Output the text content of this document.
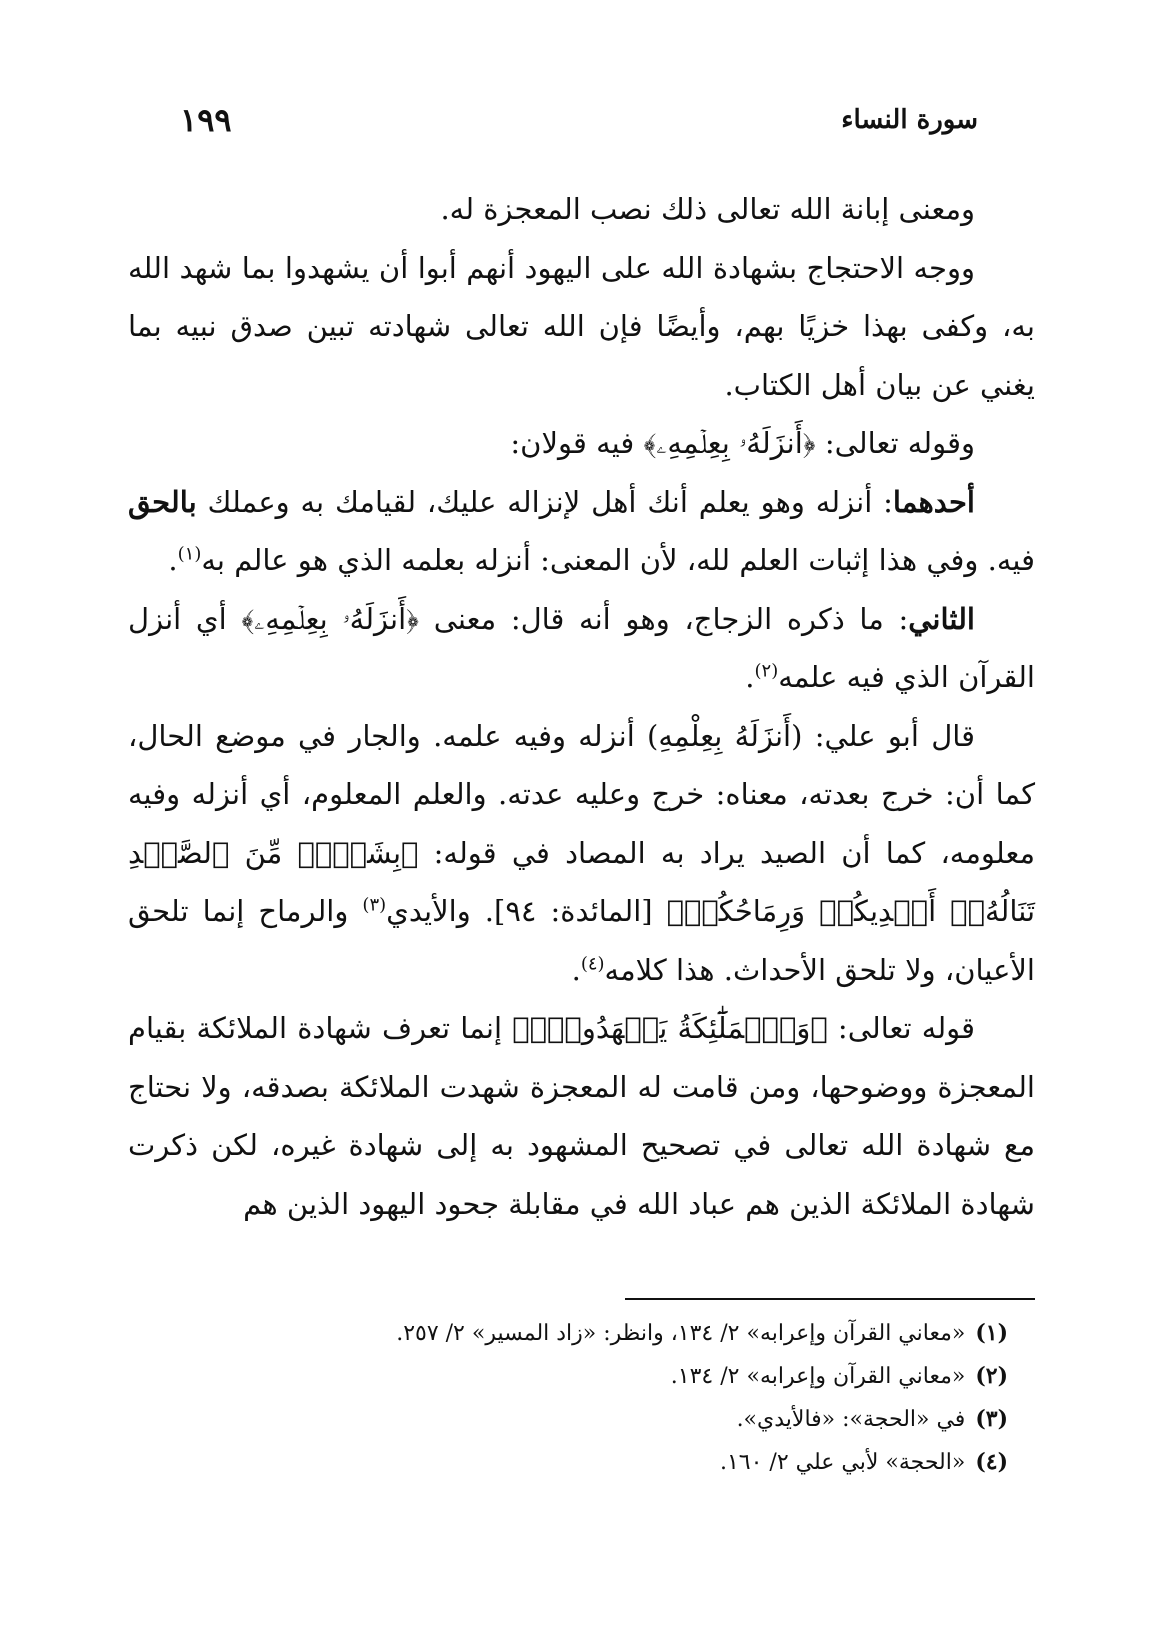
سورة النساء
١٩٩

ومعنى إبانة الله تعالى ذلك نصب المعجزة له.

ووجه الاحتجاج بشهادة الله على اليهود أنهم أبوا أن يشهدوا بما شهد الله به، وكفى بهذا خزيًا بهم، وأيضًا فإن الله تعالى شهادته تبين صدق نبيه بما يغني عن بيان أهل الكتاب.

وقوله تعالى: ﴿أَنزَلَهُۥ بِعِلۡمِهِۦ﴾ فيه قولان:

أحدهما: أنزله وهو يعلم أنك أهل لإنزاله عليك، لقيامك به وعملك بالحق فيه. وفي هذا إثبات العلم لله، لأن المعنى: أنزله بعلمه الذي هو عالم به$^{(١)}$.

الثاني: ما ذكره الزجاج، وهو أنه قال: معنى ﴿أَنزَلَهُۥ بِعِلۡمِهِۦ﴾ أي أنزل القرآن الذي فيه علمه$^{(٢)}$.

قال أبو علي: (أَنزَلَهُ بِعِلْمِهِ) أنزله وفيه علمه. والجار في موضع الحال، كما أن: خرج بعدته، معناه: خرج وعليه عدته. والعلم المعلوم، أي أنزله وفيه معلومه، كما أن الصيد يراد به المصاد في قوله: ﴿بِشَيۡءٖ مِّنَ ٱلصَّيۡدِ تَنَالُهُۥٓ أَيۡدِيكُمۡ وَرِمَاحُكُمۡ﴾ [المائدة: ٩٤]. والأيدي$^{(٣)}$ والرماح إنما تلحق الأعيان، ولا تلحق الأحداث. هذا كلامه$^{(٤)}$.

قوله تعالى: ﴿وَٱلۡمَلَٰٓئِكَةُ يَشۡهَدُونَۚ﴾ إنما تعرف شهادة الملائكة بقيام المعجزة ووضوحها، ومن قامت له المعجزة شهدت الملائكة بصدقه، ولا نحتاج مع شهادة الله تعالى في تصحيح المشهود به إلى شهادة غيره، لكن ذكرت شهادة الملائكة الذين هم عباد الله في مقابلة جحود اليهود الذين هم

(١)«معاني القرآن وإعرابه» ٢/ ١٣٤، وانظر: «زاد المسير» ٢/ ٢٥٧.

(٢)«معاني القرآن وإعرابه» ٢/ ١٣٤.

(٣)في «الحجة»: «فالأيدي».

(٤)«الحجة» لأبي علي ٢/ ١٦٠.
